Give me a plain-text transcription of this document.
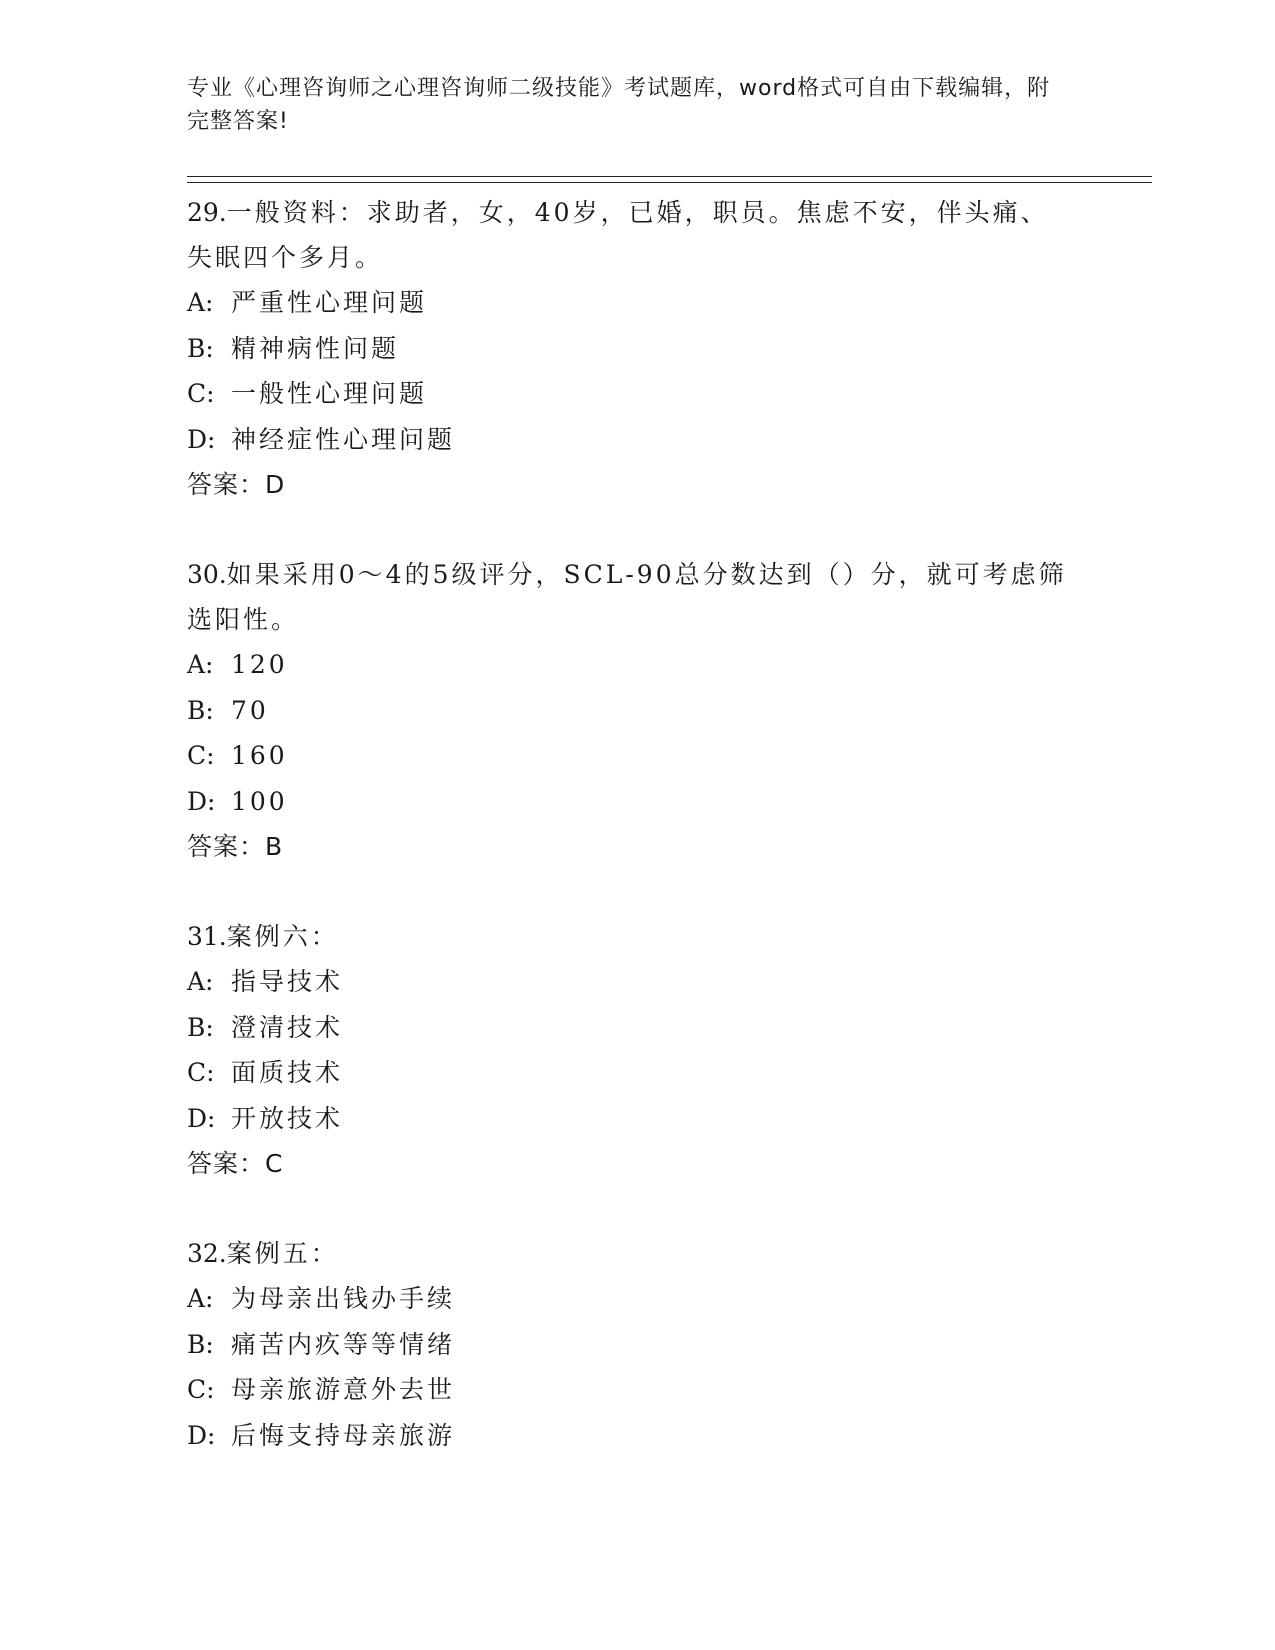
专业《心理咨询师之心理咨询师二级技能》考试题库，word格式可自由下载编辑，附完整答案!

29.一般资料：求助者，女，40岁，已婚，职员。焦虑不安，伴头痛、失眠四个多月。

A: 严重性心理问题

B: 精神病性问题

C: 一般性心理问题

D: 神经症性心理问题

答案：D

30.如果采用0～4的5级评分，SCL-90总分数达到（）分，就可考虑筛选阳性。

A: 120

B: 70

C: 160

D: 100

答案：B

31.案例六：

A: 指导技术

B: 澄清技术

C: 面质技术

D: 开放技术

答案：C

32.案例五：

A: 为母亲出钱办手续

B: 痛苦内疚等等情绪

C: 母亲旅游意外去世

D: 后悔支持母亲旅游
